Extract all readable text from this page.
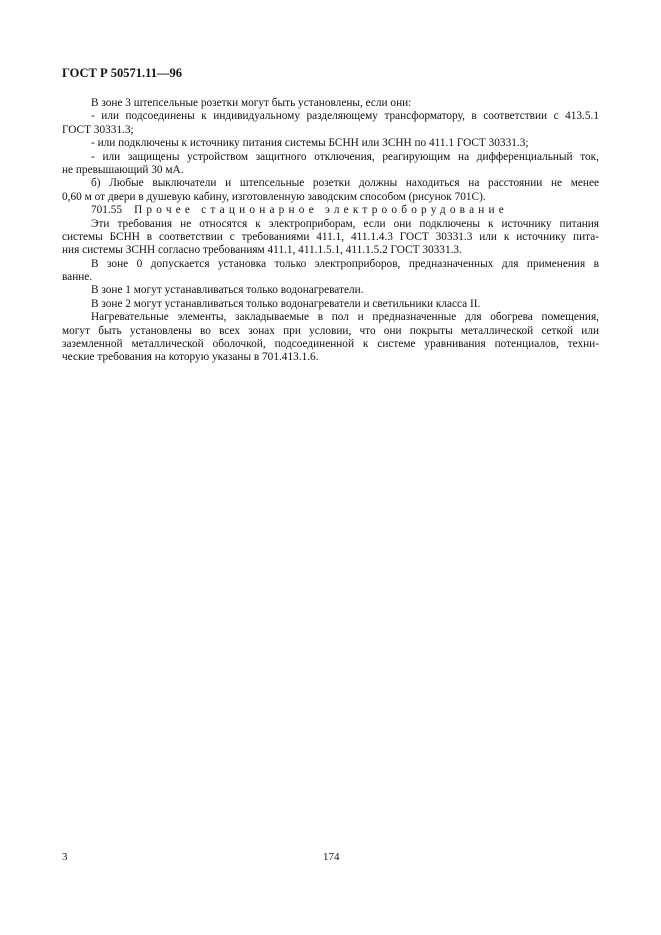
ГОСТ Р 50571.11—96
В зоне 3 штепсельные розетки могут быть установлены, если они:
- или подсоединены к индивидуальному разделяющему трансформатору, в соответствии с 413.5.1
ГОСТ 30331.3;
- или подключены к источнику питания системы БСНН или ЗСНН по 411.1 ГОСТ 30331.3;
- или защищены устройством защитного отключения, реагирующим на дифференциальный ток,
не превышающий 30 мА.
б) Любые выключатели и штепсельные розетки должны находиться на расстоянии не менее
0,60 м от двери в душевую кабину, изготовленную заводским способом (рисунок 701С).
701.55 Прочее стационарное электрооборудование
Эти требования не относятся к электроприборам, если они подключены к источнику питания
системы БСНН в соответствии с требованиями 411.1, 411.1.4.3 ГОСТ 30331.3 или к источнику пита-
ния системы ЗСНН согласно требованиям 411.1, 411.1.5.1, 411.1.5.2 ГОСТ 30331.3.
В зоне 0 допускается установка только электроприборов, предназначенных для применения в
ванне.
В зоне 1 могут устанавливаться только водонагреватели.
В зоне 2 могут устанавливаться только водонагреватели и светильники класса II.
Нагревательные элементы, закладываемые в пол и предназначенные для обогрева помещения,
могут быть установлены во всех зонах при условии, что они покрыты металлической сеткой или
заземленной металлической оболочкой, подсоединенной к системе уравнивания потенциалов, техни-
ческие требования на которую указаны в 701.413.1.6.
3	174
